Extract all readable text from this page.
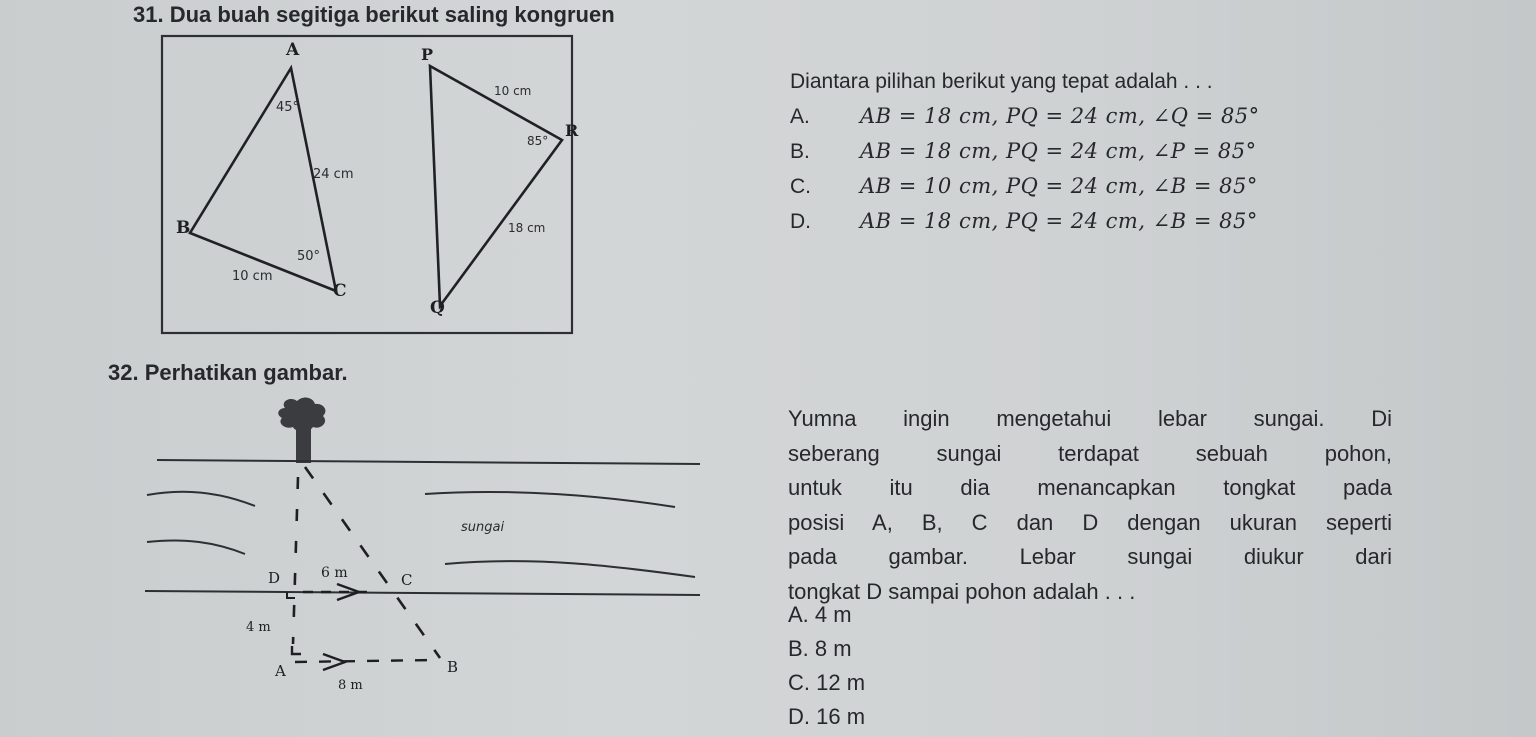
31. Dua buah segitiga berikut saling kongruen
A
B
C
P
R
Q
45°
24 cm
50°
10 cm
10 cm
85°
18 cm
Diantara pilihan berikut yang tepat adalah . . .
A. AB = 18 cm, PQ = 24 cm, ∠Q = 85°
B. AB = 18 cm, PQ = 24 cm, ∠P = 85°
C. AB = 10 cm, PQ = 24 cm, ∠B = 85°
D. AB = 18 cm, PQ = 24 cm, ∠B = 85°
32. Perhatikan gambar.
sungai
D	C
A	B
6 m
4 m
8 m
Yumna ingin mengetahui lebar sungai. Di
seberang sungai terdapat sebuah pohon,
untuk itu dia menancapkan tongkat pada
posisi A, B, C dan D dengan ukuran seperti
pada gambar. Lebar sungai diukur dari
tongkat D sampai pohon adalah . . .
A. 4 m
B. 8 m
C. 12 m
D. 16 m
